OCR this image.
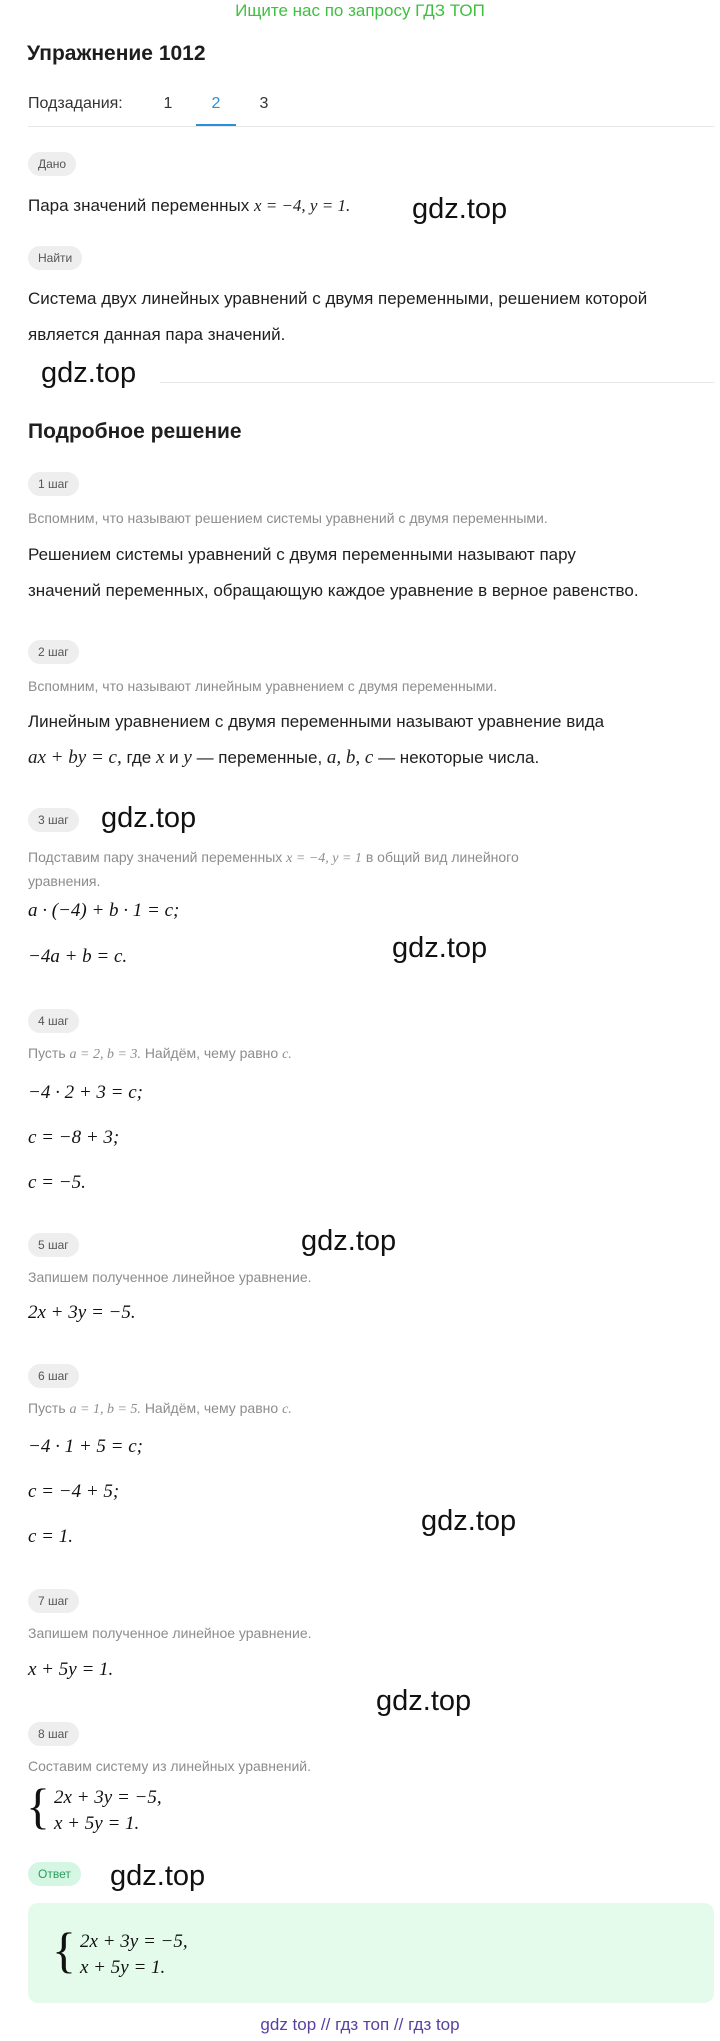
Ищите нас по запросу ГДЗ ТОП
Упражнение 1012
Подзадания:	1	2	3
Дано
Пара значений переменных x = −4, y = 1. gdz.top
Найти
Система двух линейных уравнений с двумя переменными, решением которой
является данная пара значений.
gdz.top
Подробное решение
1 шаг
Вспомним, что называют решением системы уравнений с двумя переменными.
Решением системы уравнений с двумя переменными называют пару
значений переменных, обращающую каждое уравнение в верное равенство.
2 шаг
Вспомним, что называют линейным уравнением с двумя переменными.
Линейным уравнением с двумя переменными называют уравнение вида
ax + by = c, где x и y — переменные, a, b, c — некоторые числа.
3 шаг	gdz.top
Подставим пару значений переменных x = −4, y = 1 в общий вид линейного
уравнения.
a · (−4) + b · 1 = c;
−4a + b = c.	gdz.top
4 шаг
Пусть a = 2, b = 3. Найдём, чему равно c.
−4 · 2 + 3 = c;
c = −8 + 3;
c = −5.
gdz.top
5 шаг
Запишем полученное линейное уравнение.
2x + 3y = −5.
6 шаг
Пусть a = 1, b = 5. Найдём, чему равно c.
−4 · 1 + 5 = c;
c = −4 + 5;
gdz.top
c = 1.
7 шаг
Запишем полученное линейное уравнение.
x + 5y = 1.
gdz.top
8 шаг
Составим систему из линейных уравнений.
{ 2x + 3y = −5,
x + 5y = 1.
Ответ	gdz.top
{ 2x + 3y = −5,
x + 5y = 1.
gdz top // гдз топ // гдз top
